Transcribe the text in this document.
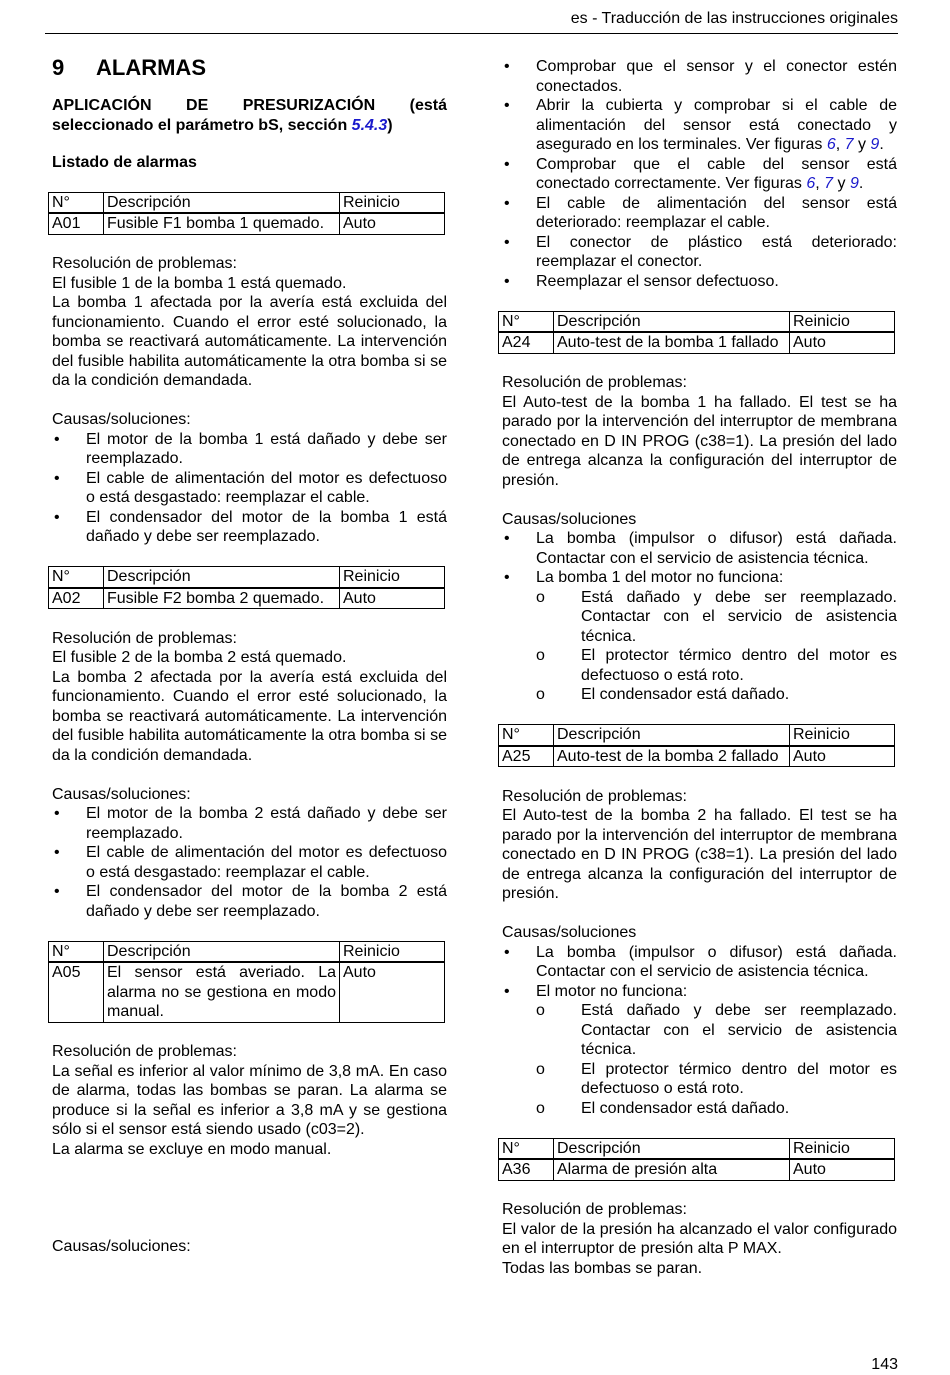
es - Traducción de las instrucciones originales
9	ALARMAS

APLICACIÓN DE PRESURIZACIÓN (está seleccionado el parámetro bS, sección 5.4.3)

Listado de alarmas
N°	Descripción	Reinicio
A01	Fusible F1 bomba 1 quemado.	Auto

Resolución de problemas:

El fusible 1 de la bomba 1 está quemado.

La bomba 1 afectada por la avería está excluida del funcionamiento. Cuando el error esté solucionado, la bomba se reactivará automáticamente. La intervención del fusible habilita automáticamente la otra bomba si se da la condición demandada.

Causas/soluciones:

• El motor de la bomba 1 está dañado y debe ser reemplazado.
• El cable de alimentación del motor es defectuoso o está desgastado: reemplazar el cable.
• El condensador del motor de la bomba 1 está dañado y debe ser reemplazado.
N°	Descripción	Reinicio
A02	Fusible F2 bomba 2 quemado.	Auto

Resolución de problemas:

El fusible 2 de la bomba 2 está quemado.

La bomba 2 afectada por la avería está excluida del funcionamiento. Cuando el error esté solucionado, la bomba se reactivará automáticamente. La intervención del fusible habilita automáticamente la otra bomba si se da la condición demandada.

Causas/soluciones:

• El motor de la bomba 2 está dañado y debe ser reemplazado.
• El cable de alimentación del motor es defectuoso o está desgastado: reemplazar el cable.
• El condensador del motor de la bomba 2 está dañado y debe ser reemplazado.
N°	Descripción	Reinicio
A05	El sensor está averiado. La alarma no se gestiona en modo manual.	Auto

Resolución de problemas:

La señal es inferior al valor mínimo de 3,8 mA. En caso de alarma, todas las bombas se paran. La alarma se produce si la señal es inferior a 3,8 mA y se gestiona sólo si el sensor está siendo usado (c03=2).

La alarma se excluye en modo manual.

Causas/soluciones:

• Comprobar que el sensor y el conector estén conectados.
• Abrir la cubierta y comprobar si el cable de alimentación del sensor está conectado y asegurado en los terminales. Ver figuras 6, 7 y 9.
• Comprobar que el cable del sensor está conectado correctamente. Ver figuras 6, 7 y 9.
• El cable de alimentación del sensor está deteriorado: reemplazar el cable.
• El conector de plástico está deteriorado: reemplazar el conector.
• Reemplazar el sensor defectuoso.
N°	Descripción	Reinicio
A24	Auto-test de la bomba 1 fallado	Auto

Resolución de problemas:

El Auto-test de la bomba 1 ha fallado. El test se ha parado por la intervención del interruptor de membrana conectado en D IN PROG (c38=1). La presión del lado de entrega alcanza la configuración del interruptor de presión.

Causas/soluciones

• La bomba (impulsor o difusor) está dañada. Contactar con el servicio de asistencia técnica.
• La bomba 1 del motor no funciona:
o Está dañado y debe ser reemplazado. Contactar con el servicio de asistencia técnica.
o El protector térmico dentro del motor es defectuoso o está roto.
o El condensador está dañado.
N°	Descripción	Reinicio
A25	Auto-test de la bomba 2 fallado	Auto

Resolución de problemas:

El Auto-test de la bomba 2 ha fallado. El test se ha parado por la intervención del interruptor de membrana conectado en D IN PROG (c38=1). La presión del lado de entrega alcanza la configuración del interruptor de presión.

Causas/soluciones

• La bomba (impulsor o difusor) está dañada. Contactar con el servicio de asistencia técnica.
• El motor no funciona:
o Está dañado y debe ser reemplazado. Contactar con el servicio de asistencia técnica.
o El protector térmico dentro del motor es defectuoso o está roto.
o El condensador está dañado.
N°	Descripción	Reinicio
A36	Alarma de presión alta	Auto

Resolución de problemas:

El valor de la presión ha alcanzado el valor configurado en el interruptor de presión alta P MAX.

Todas las bombas se paran.

143
